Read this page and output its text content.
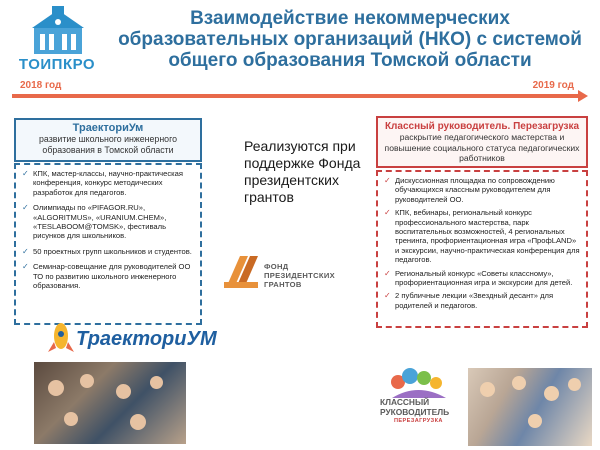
ТОИПКРО
Взаимодействие некоммерческих образовательных организаций (НКО) с системой общего образования Томской области
2018 год	2019 год
ТраекториУм
развитие школьного инженерного образования в Томской области
✓ КПК, мастер-классы, научно-практическая конференция, конкурс методических разработок для педагогов.
✓ Олимпиады по «PIFAGOR.RU», «ALGORITMUS», «URANIUM.CHEM», «TESLABOOM@TOMSK», фестиваль рисунков для школьников.
✓ 50 проектных групп школьников и студентов.
✓ Семинар-совещание для руководителей ОО ТО по развитию школьного инженерного образования.
Реализуются при поддержке Фонда президентских грантов
ФОНД
ПРЕЗИДЕНТСКИХ
ГРАНТОВ
Классный руководитель. Перезагрузка
раскрытие педагогического мастерства и повышение социального статуса педагогических работников
✓ Дискуссионная площадка по сопровождению обучающихся классным руководителем для руководителей ОО.
✓ КПК, вебинары, региональный конкурс профессионального мастерства, парк воспитательных возможностей, 4 региональных тренинга, профориентационная игра «ПрофLAND» и экскурсии, научно-практическая конференция для педагогов.
✓ Региональный конкурс «Советы классному», профориентационная игра и экскурсии для детей.
✓ 2 публичные лекции «Звездный десант» для родителей и педагогов.
ТраекториУМ
КЛАССНЫЙ
РУКОВОДИТЕЛЬ
ПЕРЕЗАГРУЗКА
